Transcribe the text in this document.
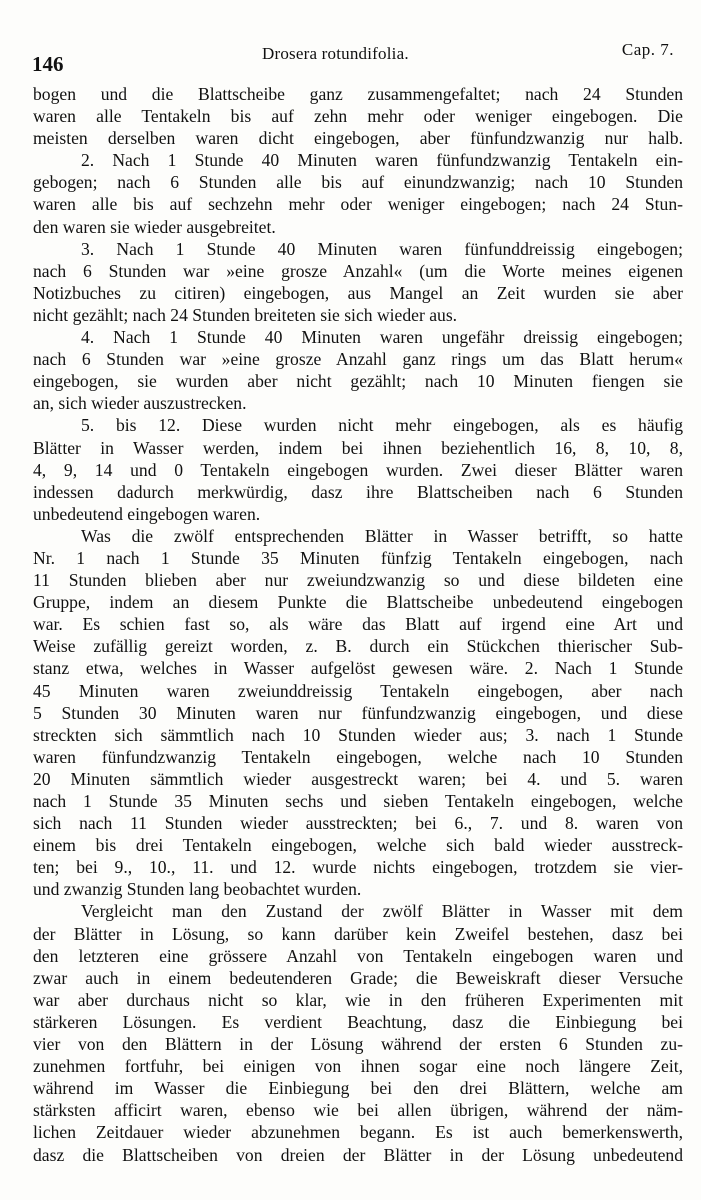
146	Drosera rotundifolia.	Cap. 7.
bogen und die Blattscheibe ganz zusammengefaltet; nach 24 Stunden
waren alle Tentakeln bis auf zehn mehr oder weniger eingebogen. Die
meisten derselben waren dicht eingebogen, aber fünfundzwanzig nur halb.
2. Nach 1 Stunde 40 Minuten waren fünfundzwanzig Tentakeln ein-
gebogen; nach 6 Stunden alle bis auf einundzwanzig; nach 10 Stunden
waren alle bis auf sechzehn mehr oder weniger eingebogen; nach 24 Stun-
den waren sie wieder ausgebreitet.
3. Nach 1 Stunde 40 Minuten waren fünfunddreissig eingebogen;
nach 6 Stunden war »eine grosze Anzahl« (um die Worte meines eigenen
Notizbuches zu citiren) eingebogen, aus Mangel an Zeit wurden sie aber
nicht gezählt; nach 24 Stunden breiteten sie sich wieder aus.
4. Nach 1 Stunde 40 Minuten waren ungefähr dreissig eingebogen;
nach 6 Stunden war »eine grosze Anzahl ganz rings um das Blatt herum«
eingebogen, sie wurden aber nicht gezählt; nach 10 Minuten fiengen sie
an, sich wieder auszustrecken.
5. bis 12. Diese wurden nicht mehr eingebogen, als es häufig
Blätter in Wasser werden, indem bei ihnen beziehentlich 16, 8, 10, 8,
4, 9, 14 und 0 Tentakeln eingebogen wurden. Zwei dieser Blätter waren
indessen dadurch merkwürdig, dasz ihre Blattscheiben nach 6 Stunden
unbedeutend eingebogen waren.
Was die zwölf entsprechenden Blätter in Wasser betrifft, so hatte
Nr. 1 nach 1 Stunde 35 Minuten fünfzig Tentakeln eingebogen, nach
11 Stunden blieben aber nur zweiundzwanzig so und diese bildeten eine
Gruppe, indem an diesem Punkte die Blattscheibe unbedeutend eingebogen
war. Es schien fast so, als wäre das Blatt auf irgend eine Art und
Weise zufällig gereizt worden, z. B. durch ein Stückchen thierischer Sub-
stanz etwa, welches in Wasser aufgelöst gewesen wäre. 2. Nach 1 Stunde
45 Minuten waren zweiunddreissig Tentakeln eingebogen, aber nach
5 Stunden 30 Minuten waren nur fünfundzwanzig eingebogen, und diese
streckten sich sämmtlich nach 10 Stunden wieder aus; 3. nach 1 Stunde
waren fünfundzwanzig Tentakeln eingebogen, welche nach 10 Stunden
20 Minuten sämmtlich wieder ausgestreckt waren; bei 4. und 5. waren
nach 1 Stunde 35 Minuten sechs und sieben Tentakeln eingebogen, welche
sich nach 11 Stunden wieder ausstreckten; bei 6., 7. und 8. waren von
einem bis drei Tentakeln eingebogen, welche sich bald wieder ausstreck-
ten; bei 9., 10., 11. und 12. wurde nichts eingebogen, trotzdem sie vier-
und zwanzig Stunden lang beobachtet wurden.
Vergleicht man den Zustand der zwölf Blätter in Wasser mit dem
der Blätter in Lösung, so kann darüber kein Zweifel bestehen, dasz bei
den letzteren eine grössere Anzahl von Tentakeln eingebogen waren und
zwar auch in einem bedeutenderen Grade; die Beweiskraft dieser Versuche
war aber durchaus nicht so klar, wie in den früheren Experimenten mit
stärkeren Lösungen. Es verdient Beachtung, dasz die Einbiegung bei
vier von den Blättern in der Lösung während der ersten 6 Stunden zu-
zunehmen fortfuhr, bei einigen von ihnen sogar eine noch längere Zeit,
während im Wasser die Einbiegung bei den drei Blättern, welche am
stärksten afficirt waren, ebenso wie bei allen übrigen, während der näm-
lichen Zeitdauer wieder abzunehmen begann. Es ist auch bemerkenswerth,
dasz die Blattscheiben von dreien der Blätter in der Lösung unbedeutend
